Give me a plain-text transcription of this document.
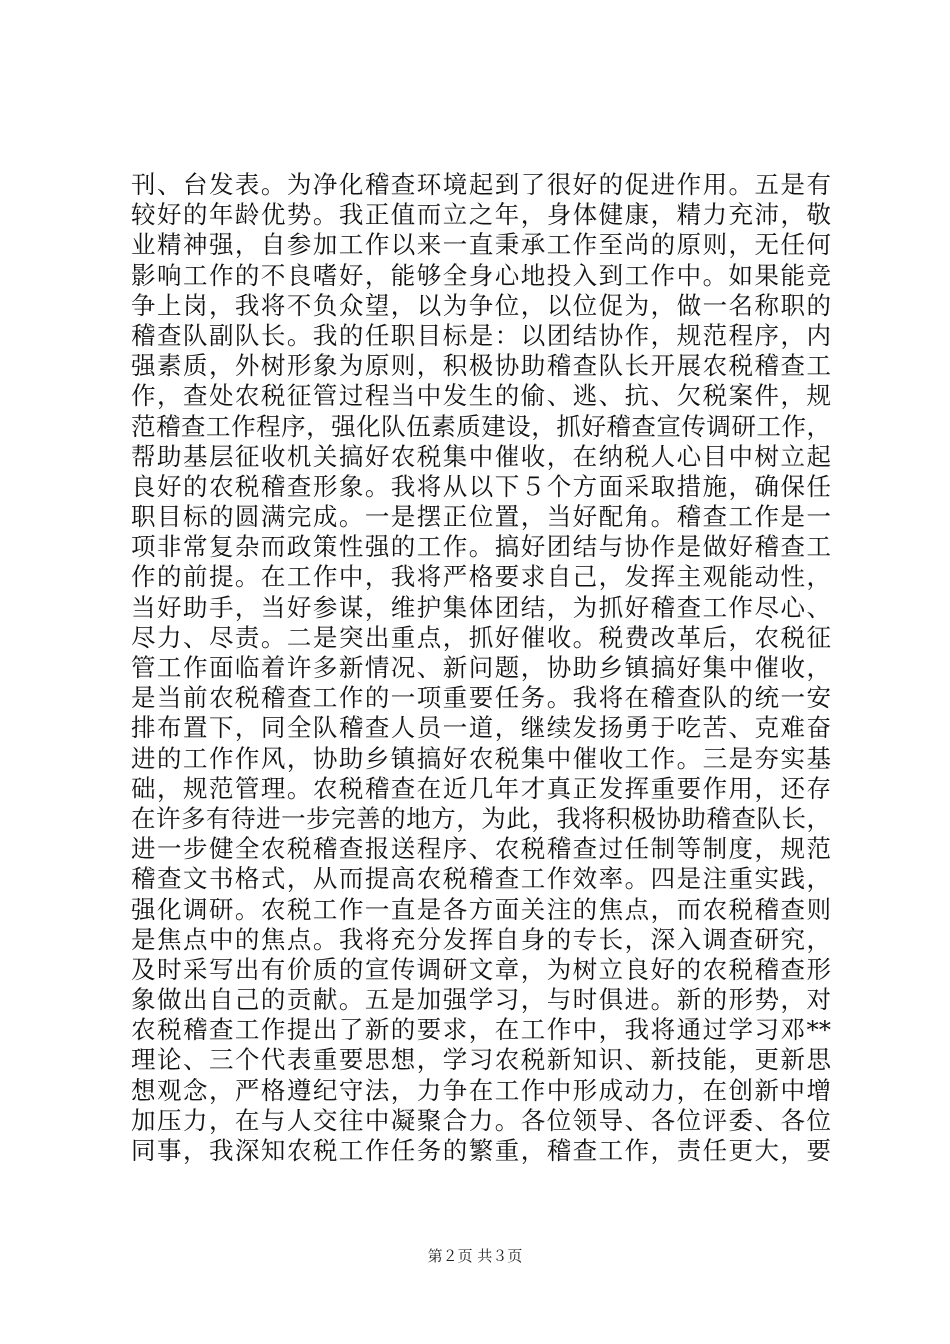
刊、台发表。为净化稽查环境起到了很好的促进作用。五是有
较好的年龄优势。我正值而立之年，身体健康，精力充沛，敬
业精神强，自参加工作以来一直秉承工作至尚的原则，无任何
影响工作的不良嗜好，能够全身心地投入到工作中。如果能竞
争上岗，我将不负众望，以为争位，以位促为，做一名称职的
稽查队副队长。我的任职目标是：以团结协作，规范程序，内
强素质，外树形象为原则，积极协助稽查队长开展农税稽查工
作，查处农税征管过程当中发生的偷、逃、抗、欠税案件，规
范稽查工作程序，强化队伍素质建设，抓好稽查宣传调研工作，
帮助基层征收机关搞好农税集中催收，在纳税人心目中树立起
良好的农税稽查形象。我将从以下５个方面采取措施，确保任
职目标的圆满完成。一是摆正位置，当好配角。稽查工作是一
项非常复杂而政策性强的工作。搞好团结与协作是做好稽查工
作的前提。在工作中，我将严格要求自己，发挥主观能动性，
当好助手，当好参谋，维护集体团结，为抓好稽查工作尽心、
尽力、尽责。二是突出重点，抓好催收。税费改革后，农税征
管工作面临着许多新情况、新问题，协助乡镇搞好集中催收，
是当前农税稽查工作的一项重要任务。我将在稽查队的统一安
排布置下，同全队稽查人员一道，继续发扬勇于吃苦、克难奋
进的工作作风，协助乡镇搞好农税集中催收工作。三是夯实基
础，规范管理。农税稽查在近几年才真正发挥重要作用，还存
在许多有待进一步完善的地方，为此，我将积极协助稽查队长，
进一步健全农税稽查报送程序、农税稽查过任制等制度，规范
稽查文书格式，从而提高农税稽查工作效率。四是注重实践，
强化调研。农税工作一直是各方面关注的焦点，而农税稽查则
是焦点中的焦点。我将充分发挥自身的专长，深入调查研究，
及时采写出有价质的宣传调研文章，为树立良好的农税稽查形
象做出自己的贡献。五是加强学习，与时俱进。新的形势，对
农税稽查工作提出了新的要求，在工作中，我将通过学习邓**
理论、三个代表重要思想，学习农税新知识、新技能，更新思
想观念，严格遵纪守法，力争在工作中形成动力，在创新中增
加压力，在与人交往中凝聚合力。各位领导、各位评委、各位
同事，我深知农税工作任务的繁重，稽查工作，责任更大，要
第２页 共３页
